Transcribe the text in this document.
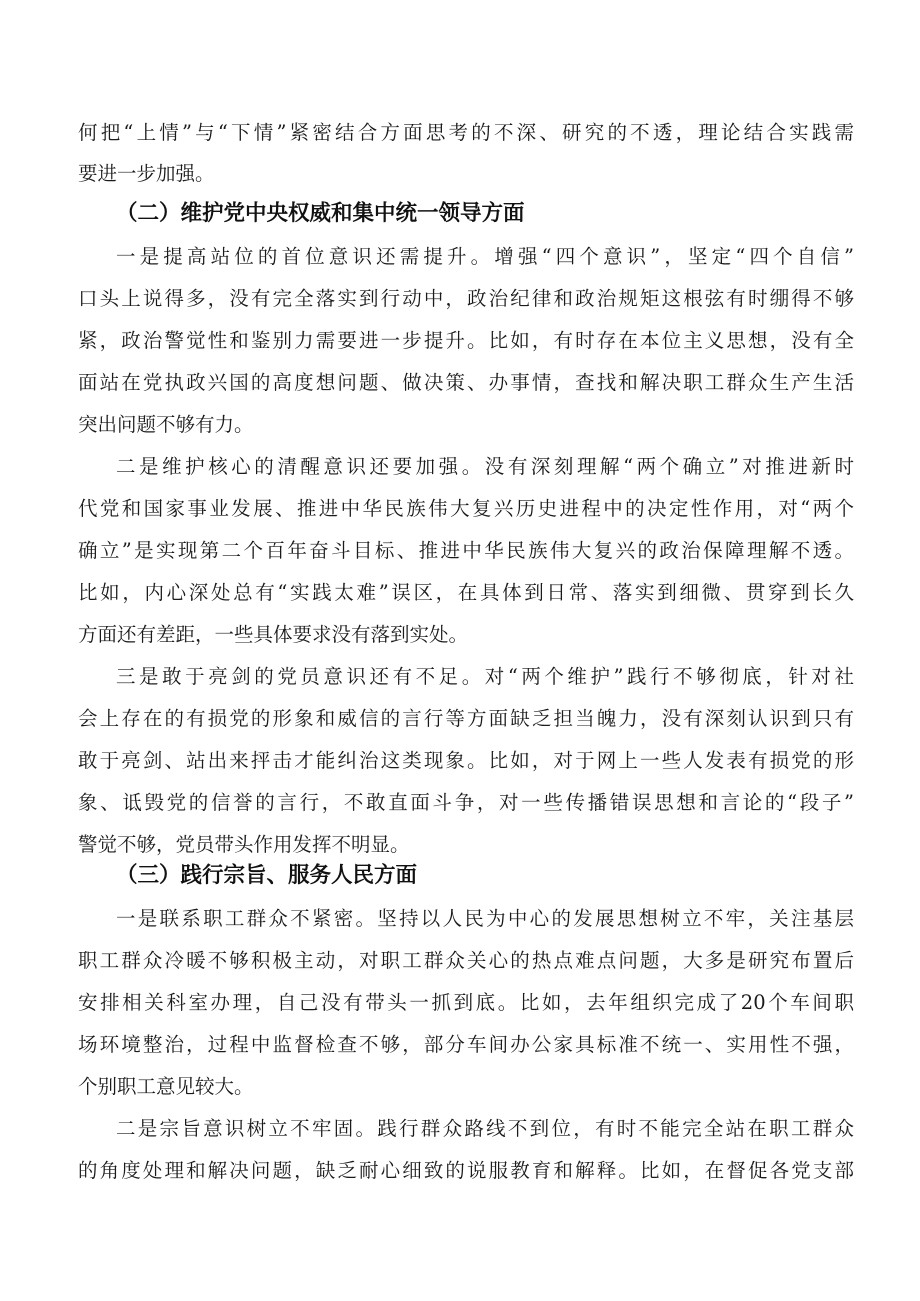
何把“上情”与“下情”紧密结合方面思考的不深、研究的不透，理论结合实践需
要进一步加强。
（二）维护党中央权威和集中统一领导方面
一是提高站位的首位意识还需提升。增强“四个意识”，坚定“四个自信”
口头上说得多，没有完全落实到行动中，政治纪律和政治规矩这根弦有时绷得不够
紧，政治警觉性和鉴别力需要进一步提升。比如，有时存在本位主义思想，没有全
面站在党执政兴国的高度想问题、做决策、办事情，查找和解决职工群众生产生活
突出问题不够有力。
二是维护核心的清醒意识还要加强。没有深刻理解“两个确立”对推进新时
代党和国家事业发展、推进中华民族伟大复兴历史进程中的决定性作用，对“两个
确立”是实现第二个百年奋斗目标、推进中华民族伟大复兴的政治保障理解不透。
比如，内心深处总有“实践太难”误区，在具体到日常、落实到细微、贯穿到长久
方面还有差距，一些具体要求没有落到实处。
三是敢于亮剑的党员意识还有不足。对“两个维护”践行不够彻底，针对社
会上存在的有损党的形象和威信的言行等方面缺乏担当魄力，没有深刻认识到只有
敢于亮剑、站出来抨击才能纠治这类现象。比如，对于网上一些人发表有损党的形
象、诋毁党的信誉的言行，不敢直面斗争，对一些传播错误思想和言论的“段子”
警觉不够，党员带头作用发挥不明显。
（三）践行宗旨、服务人民方面
一是联系职工群众不紧密。坚持以人民为中心的发展思想树立不牢，关注基层
职工群众冷暖不够积极主动，对职工群众关心的热点难点问题，大多是研究布置后
安排相关科室办理，自己没有带头一抓到底。比如，去年组织完成了20个车间职
场环境整治，过程中监督检查不够，部分车间办公家具标准不统一、实用性不强，
个别职工意见较大。
二是宗旨意识树立不牢固。践行群众路线不到位，有时不能完全站在职工群众
的角度处理和解决问题，缺乏耐心细致的说服教育和解释。比如，在督促各党支部
